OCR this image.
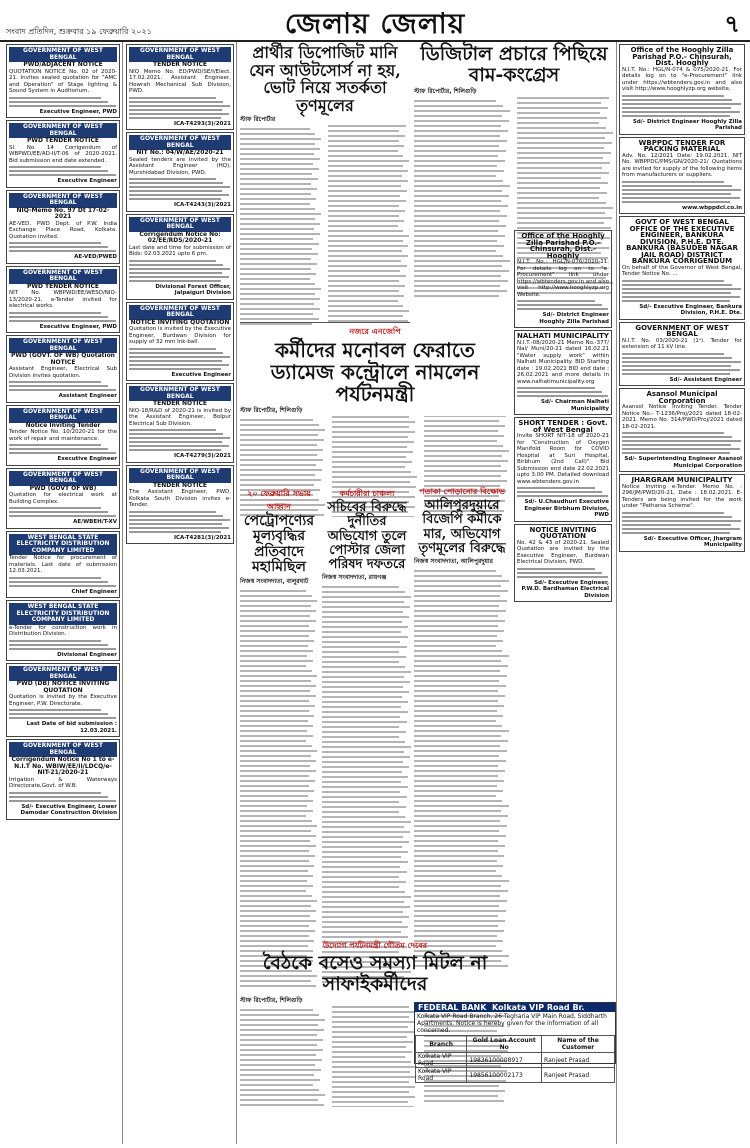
সংবাদ প্রতিদিন, শুক্রবার ১৯ ফেব্রুয়ারি ২০২১	জেলায় জেলায়	৭
GOVERNMENT OF WEST BENGAL
PWD/ADJACENT NOTICE
QUOTATION NOTICE No. 02 of 2020-21. Invites sealed quotation for "AMC and Operation" of Stage lighting & Sound System in Auditorium.
Executive Engineer, PWD
GOVERNMENT OF WEST BENGAL
PWD TENDER NOTICE
Sl. No. 14 Corrigendum of WBPWD/EE/AD-II/T-06 of 2020-2021. Bid submission end date extended.
Executive Engineer
GOVERNMENT OF WEST BENGAL
NIQ-Memo No. 97 Dt 17-02-2021
AE-VED, PWD Dept. of P.W. India Exchange Place Road, Kolkata. Quotation invited.
AE-VED/PWED
GOVERNMENT OF WEST BENGAL
PWD TENDER NOTICE
NIT No. WBPWD/EE/WESD/NIQ-13/2020-21. e-Tender invited for electrical works.
Executive Engineer, PWD
GOVERNMENT OF WEST BENGAL
PWD (GOVT. OF WB) Quotation NOTICE
Assistant Engineer, Electrical Sub Division invites quotation.
Assistant Engineer
GOVERNMENT OF WEST BENGAL
Notice Inviting Tender
Tender Notice No. 10/2020-21 for the work of repair and maintenance.
Executive Engineer
GOVERNMENT OF WEST BENGAL
PWD (GOVT OF WB)
Quotation for electrical work at Building Complex.
AE/WBEH/T-XV
WEST BENGAL STATE ELECTRICITY DISTRIBUTION COMPANY LIMITED
Tender Notice for procurement of materials. Last date of submission 12.03.2021.
Chief Engineer
WEST BENGAL STATE ELECTRICITY DISTRIBUTION COMPANY LIMITED
e-Tender for construction work in Distribution Division.
Divisional Engineer
GOVERNMENT OF WEST BENGAL
PWD (DB) NOTICE INVITING QUOTATION
Quotation is invited by the Executive Engineer, P.W. Directorate.
Last Date of bid submission : 12.03.2021.
GOVERNMENT OF WEST BENGAL
Corrigendum Notice No 1 to e-N.I.T No. WBIW/EE/II/LDCQ/e-NIT-21/2020-21
Irrigation & Waterways Directorate,Govt. of W.B.
Sd/- Executive Engineer, Lower Damodar Construction Division
GOVERNMENT OF WEST BENGAL
TENDER NOTICE
NIQ Memo No. ED/PWD/SE/I/Elect. 17.02.2021. Assistant Engineer, Howrah Mechanical Sub Division, PWD.
ICA-T4293(3)/2021
GOVERNMENT OF WEST BENGAL
NIT No.: 04/W/AE/2020-21
Sealed tenders are invited by the Assistant Engineer (HQ), Murshidabad Division, PWD.
ICA-T4243(3)/2021
GOVERNMENT OF WEST BENGAL
Corrigendum Notice No: 02/EE/RDS/2020-21
Last date and time for submission of Bids: 02.03.2021 upto 6 pm.
Divisional Forest Officer, Jalpaiguri Division
GOVERNMENT OF WEST BENGAL
NOTICE INVITING QUOTATION
Quotation is invited by the Executive Engineer, Burdwan Division for supply of 32 mm Ink-ball.
Executive Engineer
GOVERNMENT OF WEST BENGAL
TENDER NOTICE
NIQ-18/R&D of 2020-21 is invited by the Assistant Engineer, Bolpur Electrical Sub Division.
ICA-T4279(3)/2021
GOVERNMENT OF WEST BENGAL
TENDER NOTICE
The Assistant Engineer, PWD, Kolkata South Division invites e-Tender.
ICA-T4281(3)/2021
প্রার্থীর ডিপোজিট মানি যেন আউটসোর্স না হয়, ভোট নিয়ে সতর্কতা তৃণমূলের
স্টাফ রিপোর্টার
ডিজিটাল প্রচারে পিছিয়ে বাম-কংগ্রেস
স্টাফ রিপোর্টার, শিলিগুড়ি
নজরে এনজেপি
কর্মীদের মনোবল ফেরাতে ড্যামেজ কন্ট্রোলে নামলেন পর্যটনমন্ত্রী
স্টাফ রিপোর্টার, শিলিগুড়ি
Office of the Hooghly Zilla Parishad P.O.-Chinsurah, Dist.-Hooghly
N.I.T. No.: HGL/N-076/2020-21. For details log on to "e-Procurement" link under https://wbtenders.gov.in and also visit http://www.hooghlyzp.org Website.
Sd/- District Engineer Hooghly Zilla Parishad
NALHATI MUNICIPALITY
N.I.T.-08/2020-21 Memo No.-377/ Nal/ Muni/20-21 dated 16.02.21 "Water supply work" within Nalhati Municipality. BID Starting date : 19.02.2021 BID end date : 26.02.2021 and more details in www.nalhatimunicipality.org
Sd/- Chairman Nalhati Municipality
SHORT TENDER : Govt. of West Bengal
Invite SHORT NIT-18 of 2020-21 for "Construction of Oxygen Manifold Room for COVID Hospital at Suri Hospital, Birbhum (2nd Call)" Bid Submission end date 22.02.2021 upto 3:00 PM. Detailed download www.wbtenders.gov.in
Sd/- U.Chaudhuri Executive Engineer Birbhum Division, PWD
NOTICE INVITING QUOTATION
No. 42 & 43 of 2020-21. Sealed Quotation are invited by the Executive Engineer, Burdwan Electrical Division, PWD.
Sd/- Executive Engineer, P.W.D. Bardhaman Electrical Division
পতাকা পোড়ানোর বিক্ষোভ
আলিপুরদুয়ারে বিজেপি কর্মীকে মার, অভিযোগ তৃণমূলের বিরুদ্ধে
নিজস্ব সংবাদদাতা, আলিপুরদুয়ার
২০ ফেব্রুয়ারি সভায় আহ্বান
পেট্রোপণ্যের মূল্যবৃদ্ধির প্রতিবাদে মহামিছিল
নিজস্ব সংবাদদাতা, বালুরঘাট
কর্মচারীরা চাঞ্চল্য
সচিবের বিরুদ্ধে দুর্নীতির অভিযোগ তুলে পোস্টার জেলা পরিষদ দফতরে
নিজস্ব সংবাদদাতা, রায়গঞ্জ
উদ্যোগ পর্যটনমন্ত্রী গৌতম দেবের
বৈঠকে বসেও সমস্যা মিটল না সাফাইকর্মীদের
স্টাফ রিপোর্টার, শিলিগুড়ি
FEDERAL BANK Kolkata VIP Road Br.
Kolkata VIP Road Branch, 26 Tegharia VIP Main Road, Siddharth Apartments. Notice is hereby given for the information of all concerned.
Branch	Gold Loan Account No	Name of the Customer
Kolkata VIP Road	19836100008917	Ranjeet Prasad
Kolkata VIP Road	19856100002173	Ranjeet Prasad
Office of the Hooghly Zilla Parishad P.O.- Chinsurah, Dist. Hooghly
N.I.T. No.: HGL/N-074 & 075/2020-21. For details log on to "e-Procurement" link under https://wbtenders.gov.in and also visit http://www.hooghlyzp.org website.
Sd/- District Engineer Hooghly Zilla Parishad
WBPPDC TENDER FOR PACKING MATERIAL
Adv. No. 12/2021 Date: 19.02.2021. NIT No. WBPPDC/PMS/GN/2020-21/ Quotations are invited for supply of the following items from manufacturers or suppliers.
www.wbppdcl.co.in
GOVT OF WEST BENGAL OFFICE OF THE EXECUTIVE ENGINEER, BANKURA DIVISION, P.H.E. DTE. BANKURA (BASUDEB NAGAR JAIL ROAD) DISTRICT BANKURA CORRIGENDUM
On behalf of the Governor of West Bengal, Tender Notice No. ...
Sd/- Executive Engineer, Bankura Division, P.H.E. Dte.
GOVERNMENT OF WEST BENGAL
N.I.T. No. 03/2020-21 (1ᵃ). Tender for extension of 11 kV line.
Sd/- Assistant Engineer
Asansol Municipal Corporation
Asansol Notice Inviting Tender. Tender Notice No.- T-1236/Proj/2021 dated 18-02-2021. Memo No. 314/PWD/Proj/2021 dated 18-02-2021.
Sd/- Superintending Engineer Asansol Municipal Corporation
JHARGRAM MUNICIPALITY
Notice Inviting e-Tender. Memo No. : 296/JM/PWD/20-21, Date : 18.02.2021. E-Tenders are being invited for the work under "Patharsa Scheme".
Sd/- Executive Officer, Jhargram Municipality
